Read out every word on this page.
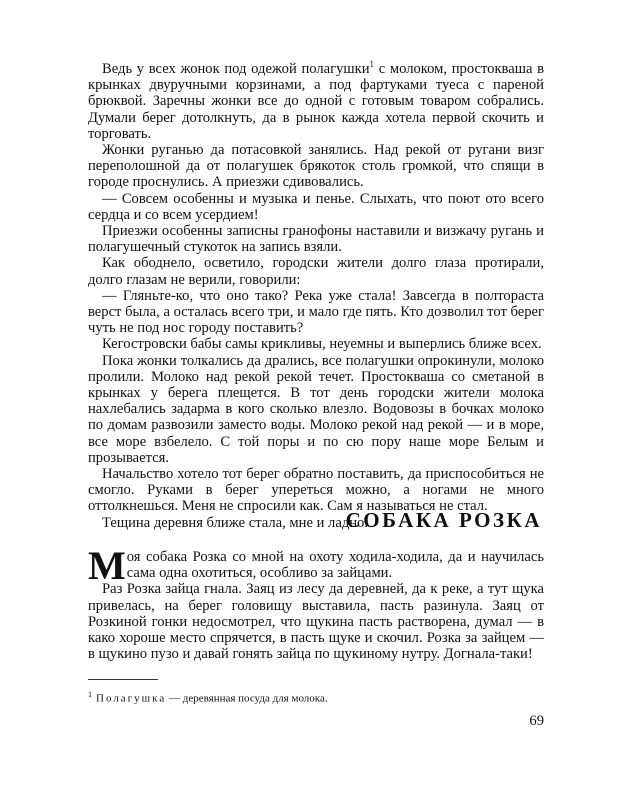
Ведь у всех жонок под одежой полагушки$^1$ с молоком, простокваша в крынках двуручными корзинами, а под фартуками туеса с пареной брюквой. Заречны жонки все до одной с готовым товаром собрались. Думали берег дотолкнуть, да в рынок кажда хотела первой скочить и торговать.

Жонки руганью да потасовкой занялись. Над рекой от ругани визг переполошной да от полагушек брякоток столь громкой, что спящи в городе проснулись. А приезжи сдивовались.

— Совсем особенны и музыка и пенье. Слыхать, что поют ото всего сердца и со всем усердием!

Приезжи особенны записны гранофоны наставили и визжачу ругань и полагушечный стукоток на запись взяли.

Как ободнело, осветило, городски жители долго глаза протирали, долго глазам не верили, говорили:

— Гляньте-ко, что оно тако? Река уже стала! Завсегда в полтораста верст была, а осталась всего три, и мало где пять. Кто дозволил тот берег чуть не под нос городу поставить?

Кегостровски бабы самы крикливы, неуемны и выперлись ближе всех.

Пока жонки толкались да дрались, все полагушки опрокинули, молоко пролили. Молоко над рекой рекой течет. Простокваша со сметаной в крынках у берега плещется. В тот день городски жители молока нахлебались задарма в кого сколько влезло. Водовозы в бочках молоко по домам развозили заместо воды. Молоко рекой над рекой — и в море, все море взбелело. С той поры и по сю пору наше море Белым и прозывается.

Начальство хотело тот берег обратно поставить, да приспособиться не смогло. Руками в берег упереться можно, а ногами не много оттолкнешься. Меня не спросили как. Сам я называться не стал.

Тещина деревня ближе стала, мне и ладно.

СОБАКА РОЗКА

Моя собака Розка со мной на охоту ходила-ходила, да и научилась сама одна охотиться, особливо за зайцами.

Раз Розка зайца гнала. Заяц из лесу да деревней, да к реке, а тут щука привелась, на берег головищу выставила, пасть разинула. Заяц от Розкиной гонки недосмотрел, что щукина пасть растворена, думал — в како хороше место спрячется, в пасть щуке и скочил. Розка за зайцем — в щукино пузо и давай гонять зайца по щукиному нутру. Догнала-таки!

$^1$ Полагушка — деревянная посуда для молока.
69
